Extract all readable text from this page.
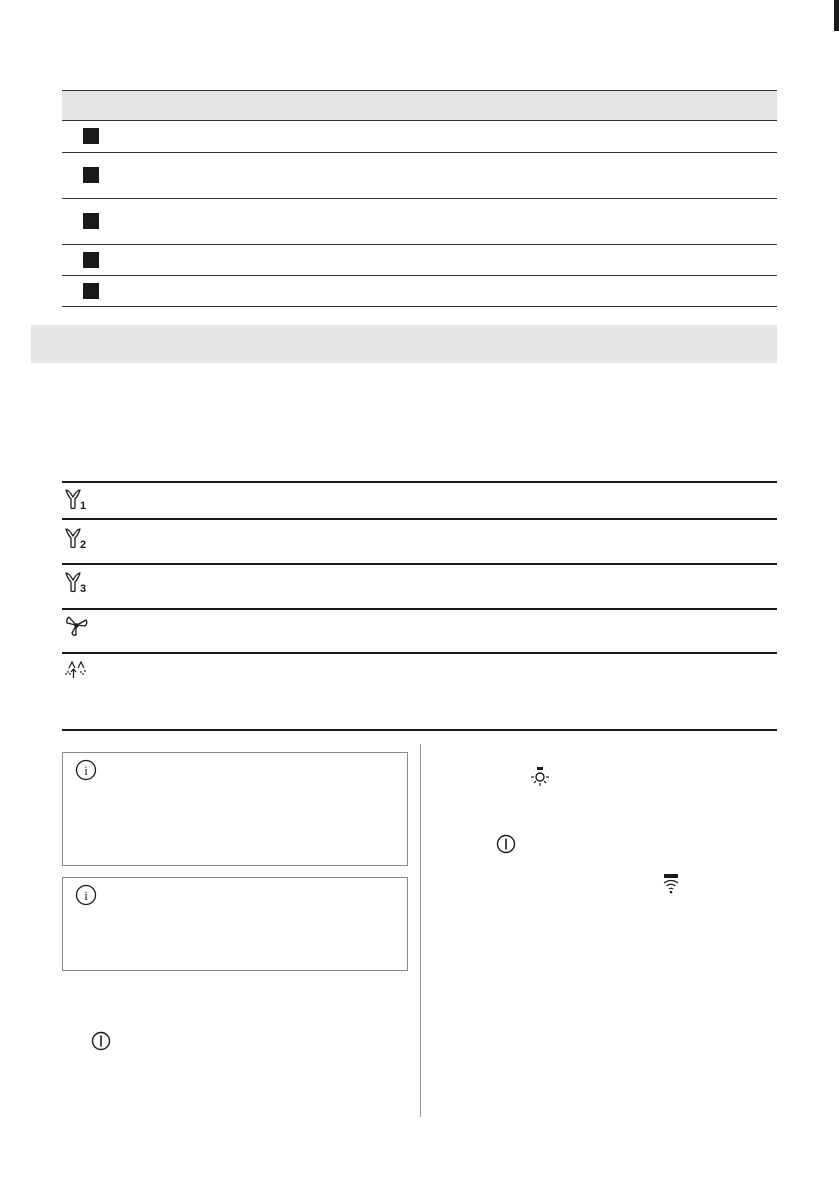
1
2
3
i
i
